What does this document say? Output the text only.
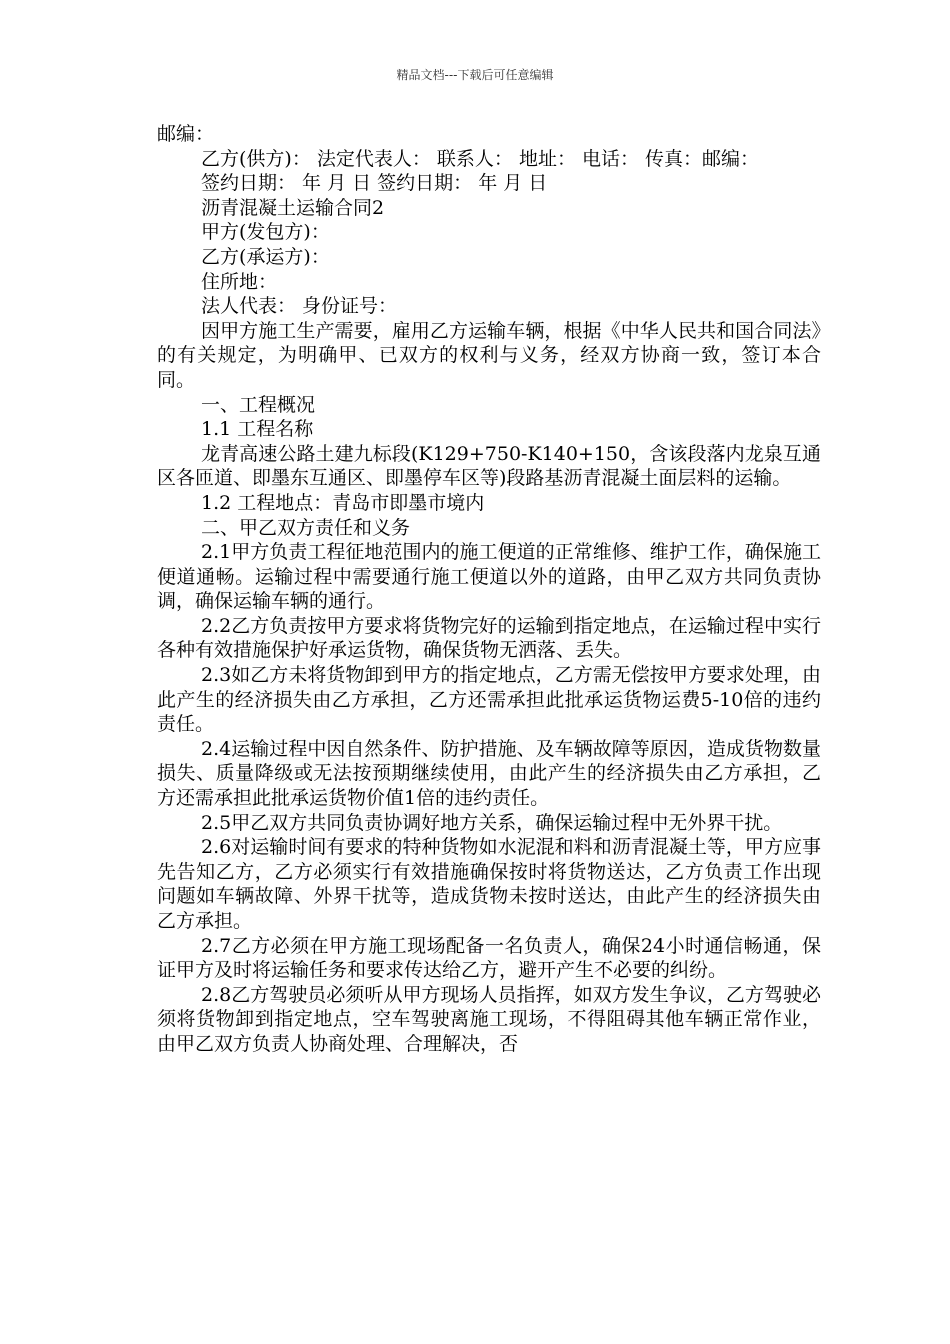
精品文档---下载后可任意编辑

邮编：

乙方(供方)： 法定代表人： 联系人： 地址： 电话： 传真：邮编：

签约日期： 年 月 日 签约日期： 年 月 日

沥青混凝土运输合同2

甲方(发包方)：

乙方(承运方)：

住所地：

法人代表： 身份证号：

因甲方施工生产需要，雇用乙方运输车辆，根据《中华人民共和国合同法》的有关规定，为明确甲、已双方的权利与义务，经双方协商一致，签订本合同。

一、工程概况

1.1 工程名称

龙青高速公路土建九标段(K129+750-K140+150，含该段落内龙泉互通区各匝道、即墨东互通区、即墨停车区等)段路基沥青混凝土面层料的运输。

1.2 工程地点：青岛市即墨市境内

二、甲乙双方责任和义务

2.1甲方负责工程征地范围内的施工便道的正常维修、维护工作，确保施工便道通畅。运输过程中需要通行施工便道以外的道路，由甲乙双方共同负责协调，确保运输车辆的通行。

2.2乙方负责按甲方要求将货物完好的运输到指定地点，在运输过程中实行各种有效措施保护好承运货物，确保货物无洒落、丢失。

2.3如乙方未将货物卸到甲方的指定地点，乙方需无偿按甲方要求处理，由此产生的经济损失由乙方承担，乙方还需承担此批承运货物运费5-10倍的违约责任。

2.4运输过程中因自然条件、防护措施、及车辆故障等原因，造成货物数量损失、质量降级或无法按预期继续使用，由此产生的经济损失由乙方承担，乙方还需承担此批承运货物价值1倍的违约责任。

2.5甲乙双方共同负责协调好地方关系，确保运输过程中无外界干扰。

2.6对运输时间有要求的特种货物如水泥混和料和沥青混凝土等，甲方应事先告知乙方，乙方必须实行有效措施确保按时将货物送达，乙方负责工作出现问题如车辆故障、外界干扰等，造成货物未按时送达，由此产生的经济损失由乙方承担。

2.7乙方必须在甲方施工现场配备一名负责人，确保24小时通信畅通，保证甲方及时将运输任务和要求传达给乙方，避开产生不必要的纠纷。

2.8乙方驾驶员必须听从甲方现场人员指挥，如双方发生争议，乙方驾驶必须将货物卸到指定地点，空车驾驶离施工现场，不得阻碍其他车辆正常作业，由甲乙双方负责人协商处理、合理解决，否
